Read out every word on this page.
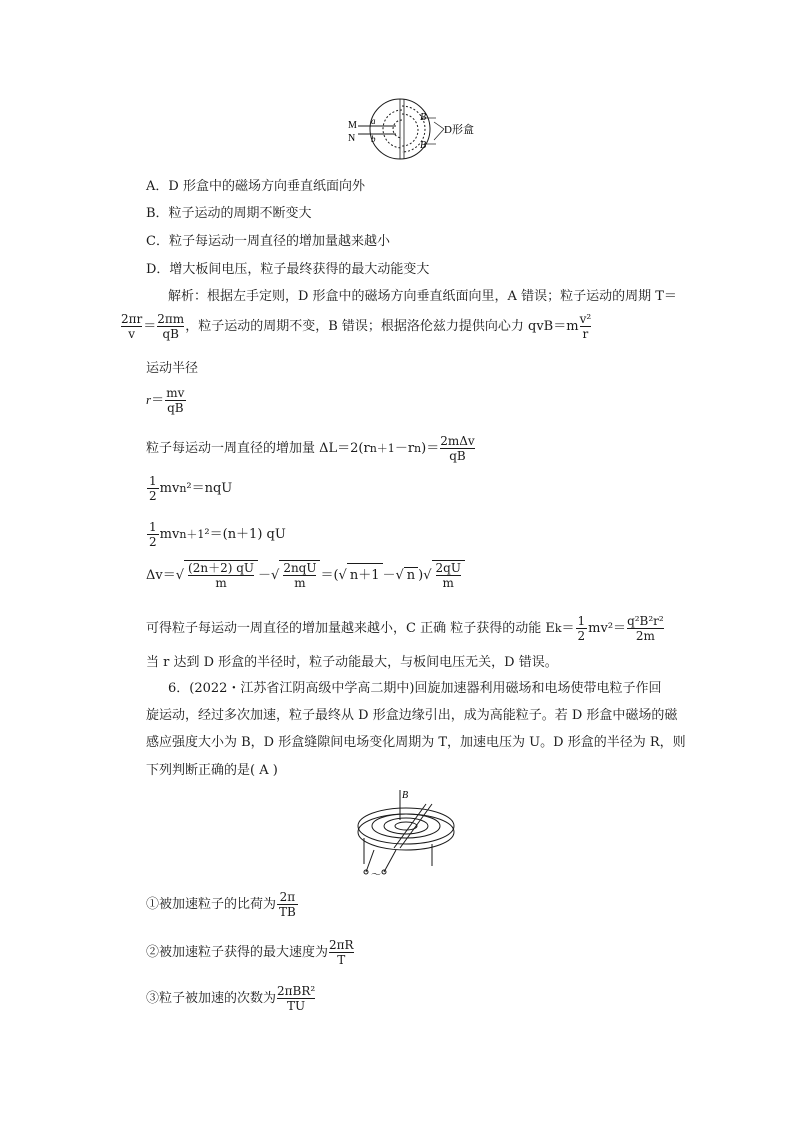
M
N
a
b
B
B
D形盒
A．D 形盒中的磁场方向垂直纸面向外
B．粒子运动的周期不断变大
C．粒子每运动一周直径的增加量越来越小
D．增大板间电压，粒子最终获得的最大动能变大
解析：根据左手定则，D 形盒中的磁场方向垂直纸面向里，A 错误；粒子运动的周期 T＝
$\frac{2\pi r}{v} = \frac{2\pi m}{qB}$ ，粒子运动的周期不变，B 错误；根据洛伦兹力提供向心力 $qvB=m \frac{\text{v²}}{r}$
运动半径
$r= \frac{mv}{qB}$
粒子每运动一周直径的增加量 $\Delta L=2(rn+1-rn)= \frac{\text{2mΔv}}{qB}$
$\frac{1}{2} mvn^2=nqU$
$\frac{1}{2} mvn+1^2=(n+1)$ qU
$\Delta v=√ \frac{(2n+2) qU}{m}$ －√ $\frac{\text{2nqU}}{m}$ ＝(√ n＋1 －√ n )√ $\frac{2qU}{m}$
可得粒子每运动一周直径的增加量越来越小，C 正确 粒子获得的动能 $Ek= \frac{1}{2} mv^2= \frac{\text{q²B²r²}}{2m}$
当 r 达到 D 形盒的半径时，粒子动能最大，与板间电压无关，D 错误。
6．(2022・江苏省江阴高级中学高二期中)回旋加速器利用磁场和电场使带电粒子作回
旋运动，经过多次加速，粒子最终从 D 形盒边缘引出，成为高能粒子。若 D 形盒中磁场的磁
感应强度大小为 B，D 形盒缝隙间电场变化周期为 T，加速电压为 U。D 形盒的半径为 R，则
下列判断正确的是( A )
B
～
①被加速粒子的比荷为 $\frac{2\pi}{TB}$
②被加速粒子获得的最大速度为 $\frac{2\pi R}{T}$
③粒子被加速的次数为 $\frac{\text{2πBR²}}{TU}$
